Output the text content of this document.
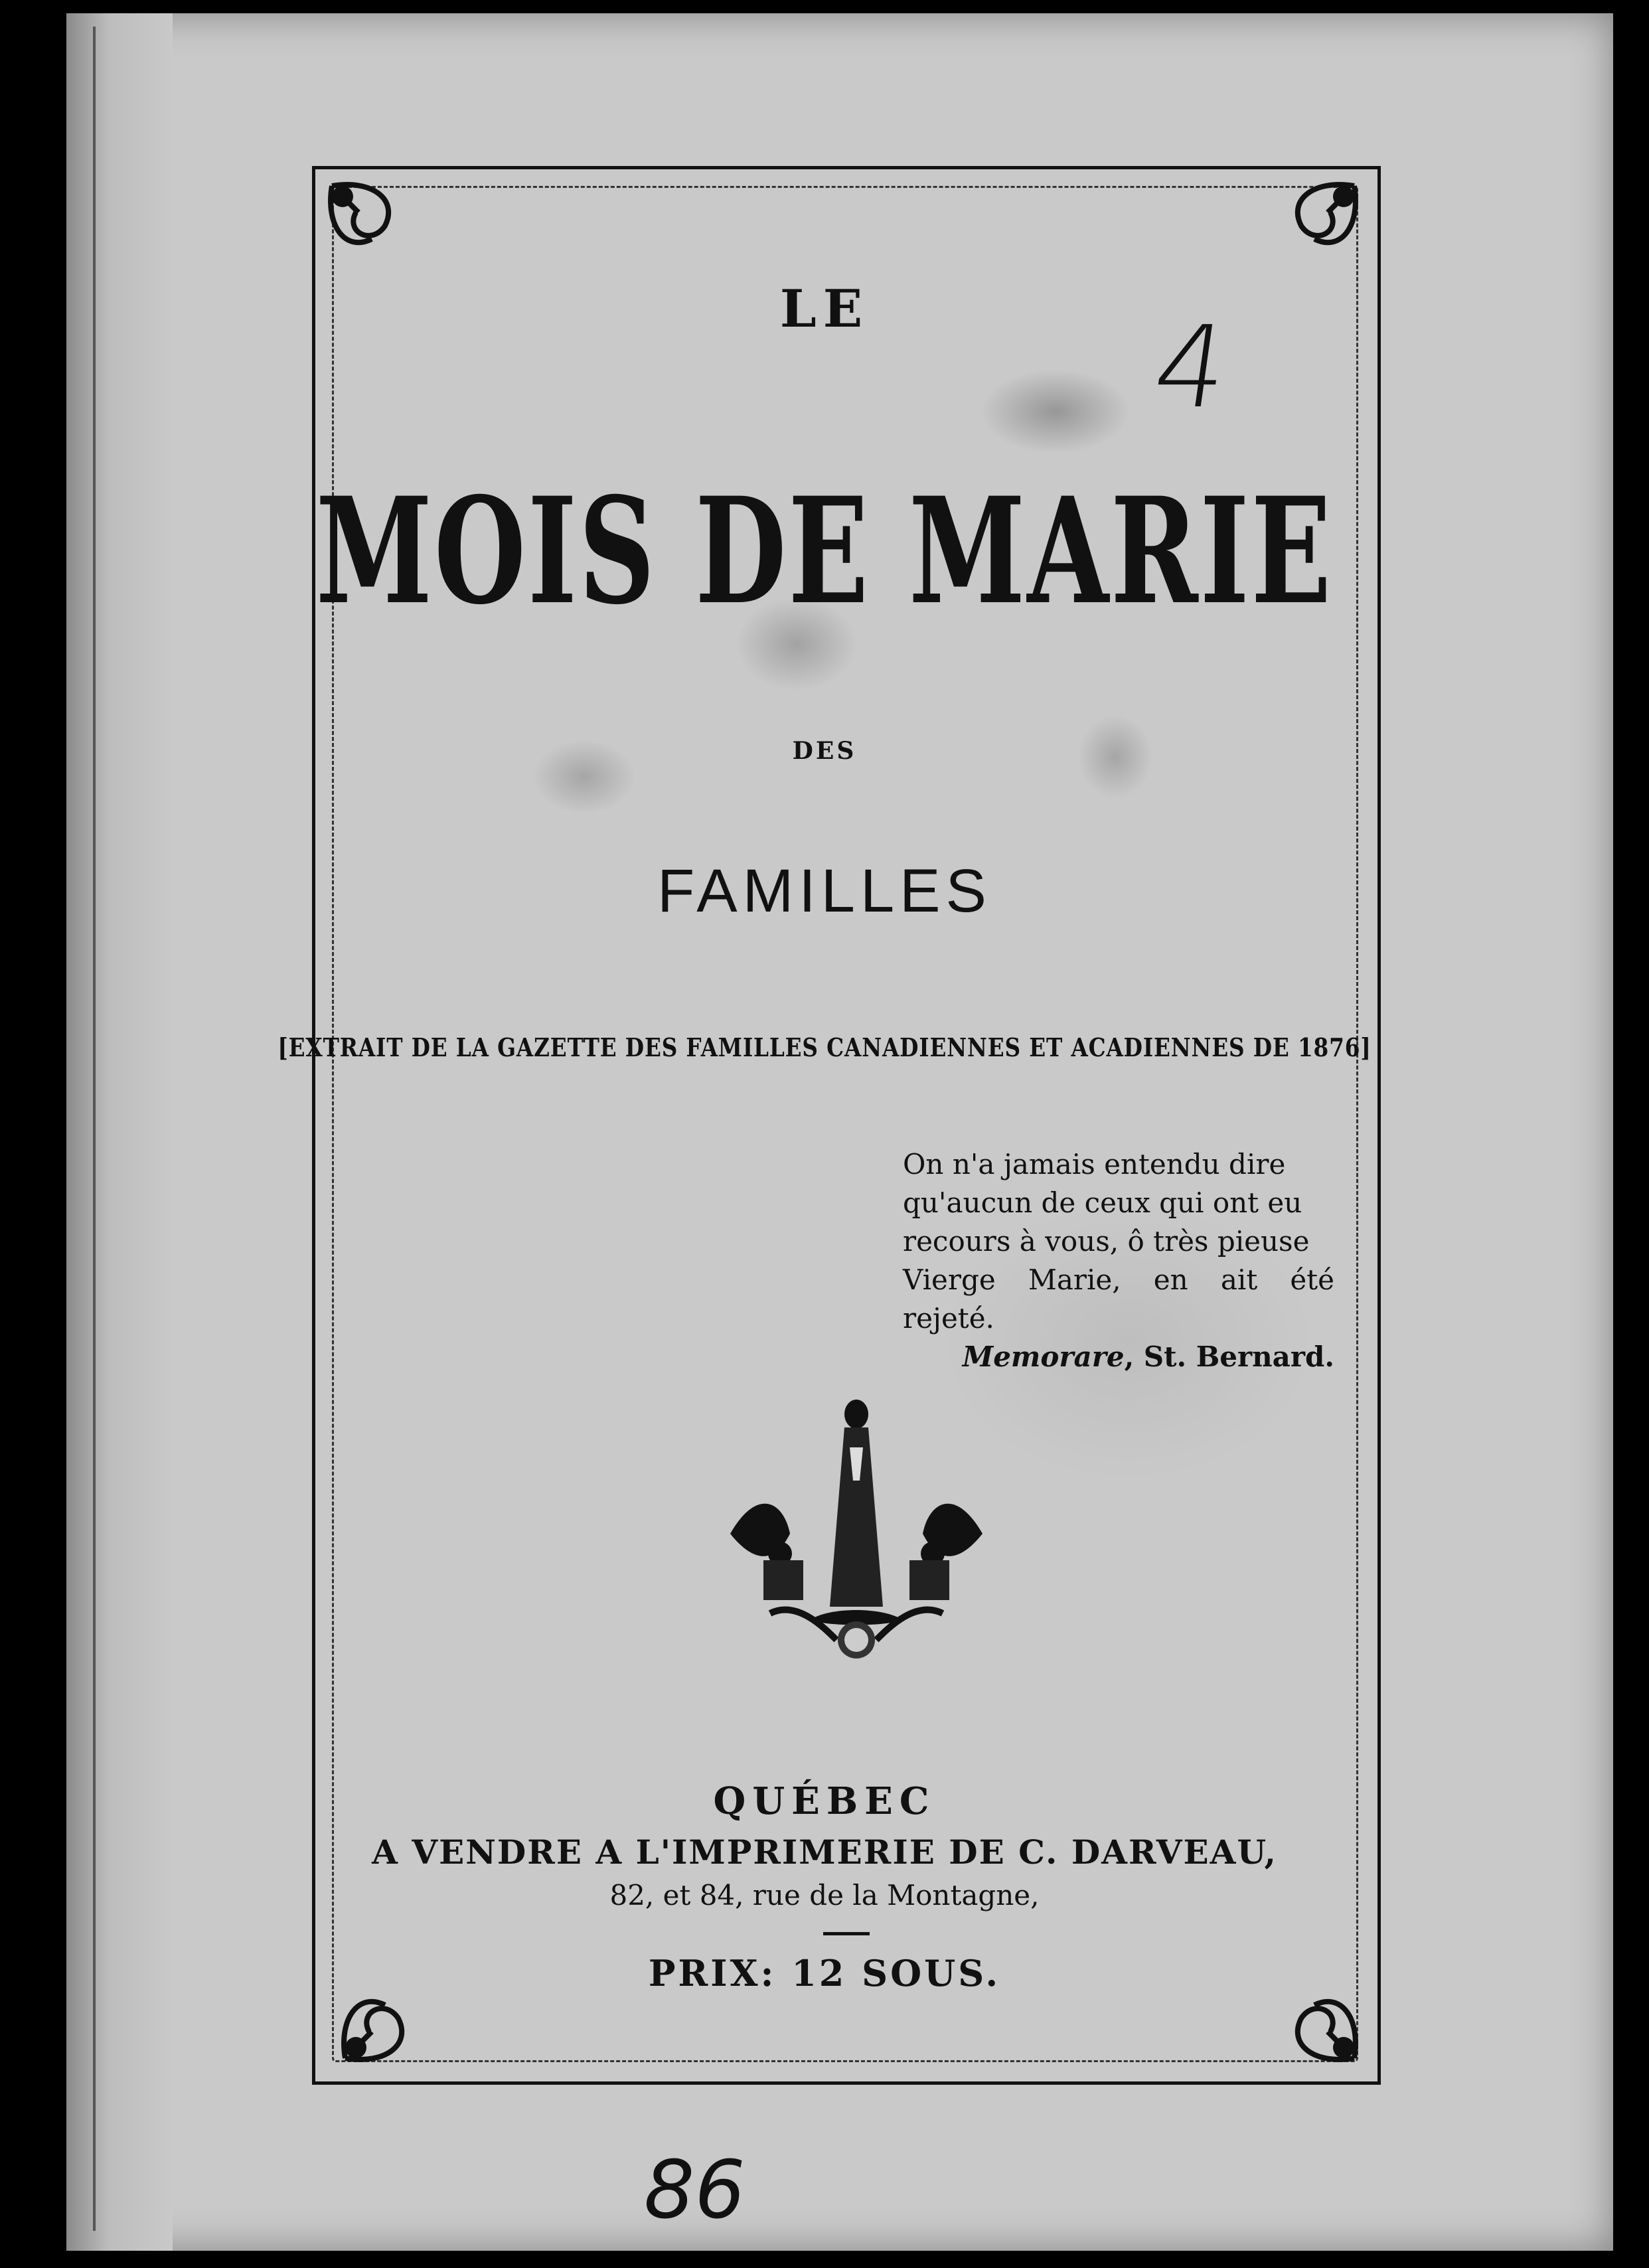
LE
MOIS DE MARIE
DES
FAMILLES
[EXTRAIT DE LA GAZETTE DES FAMILLES CANADIENNES ET ACADIENNES DE 1876]
On n'a jamais entendu dire
qu'aucun de ceux qui ont eu
recours à vous, ô très pieuse
Vierge Marie, en ait été rejeté.
Memorare, St. Bernard.
QUÉBEC
A VENDRE A L'IMPRIMERIE DE C. DARVEAU,
82, et 84, rue de la Montagne,
PRIX: 12 SOUS.
4
86
